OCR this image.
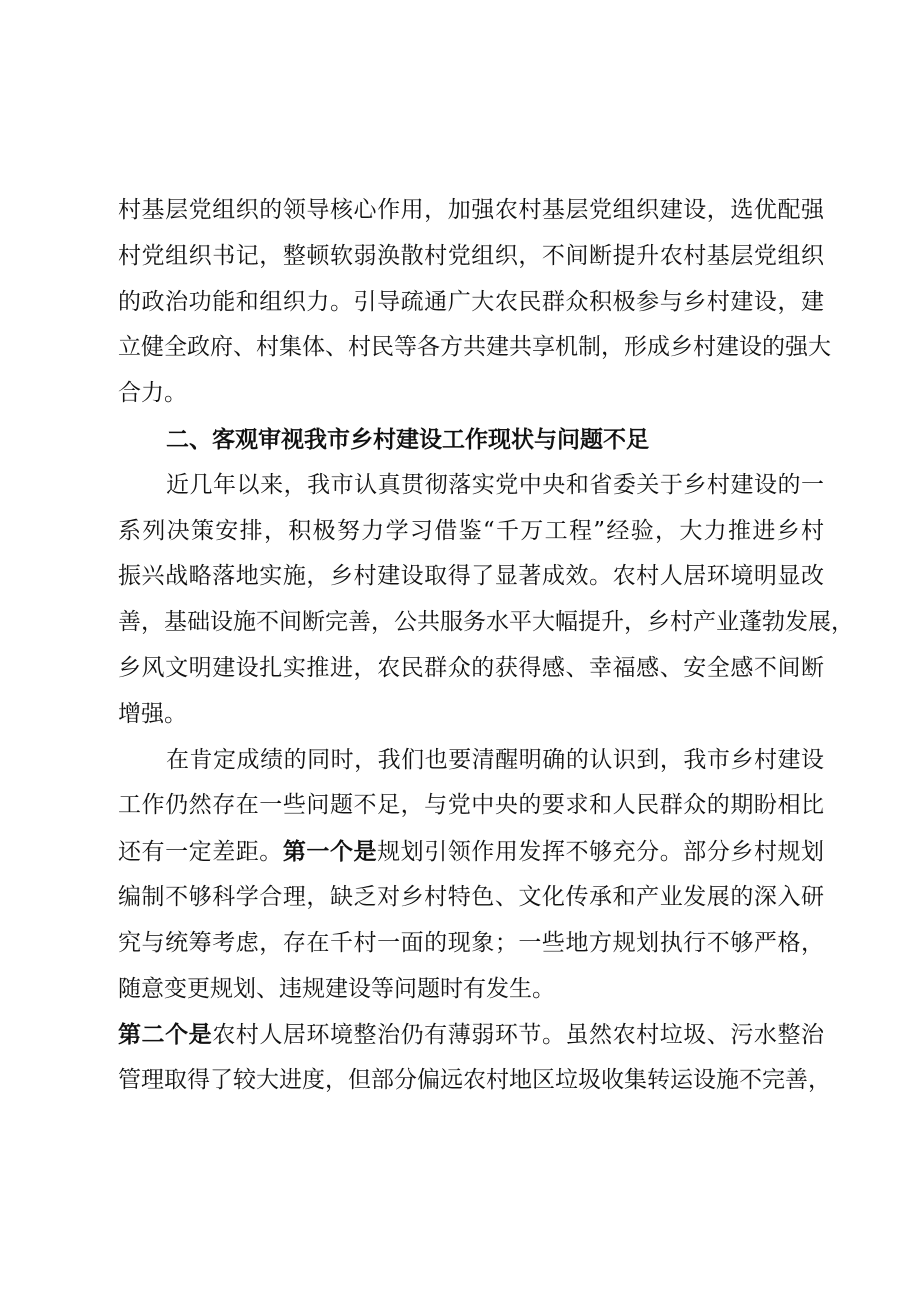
村基层党组织的领导核心作用，加强农村基层党组织建设，选优配强
村党组织书记，整顿软弱涣散村党组织，不间断提升农村基层党组织
的政治功能和组织力。引导疏通广大农民群众积极参与乡村建设，建
立健全政府、村集体、村民等各方共建共享机制，形成乡村建设的强大
合力。
二、客观审视我市乡村建设工作现状与问题不足
近几年以来，我市认真贯彻落实党中央和省委关于乡村建设的一
系列决策安排，积极努力学习借鉴“千万工程”经验，大力推进乡村
振兴战略落地实施，乡村建设取得了显著成效。农村人居环境明显改
善，基础设施不间断完善，公共服务水平大幅提升，乡村产业蓬勃发展，
乡风文明建设扎实推进，农民群众的获得感、幸福感、安全感不间断
增强。
在肯定成绩的同时，我们也要清醒明确的认识到，我市乡村建设
工作仍然存在一些问题不足，与党中央的要求和人民群众的期盼相比
还有一定差距。第一个是规划引领作用发挥不够充分。部分乡村规划
编制不够科学合理，缺乏对乡村特色、文化传承和产业发展的深入研
究与统筹考虑，存在千村一面的现象；一些地方规划执行不够严格，
随意变更规划、违规建设等问题时有发生。
第二个是农村人居环境整治仍有薄弱环节。虽然农村垃圾、污水整治
管理取得了较大进度，但部分偏远农村地区垃圾收集转运设施不完善，
